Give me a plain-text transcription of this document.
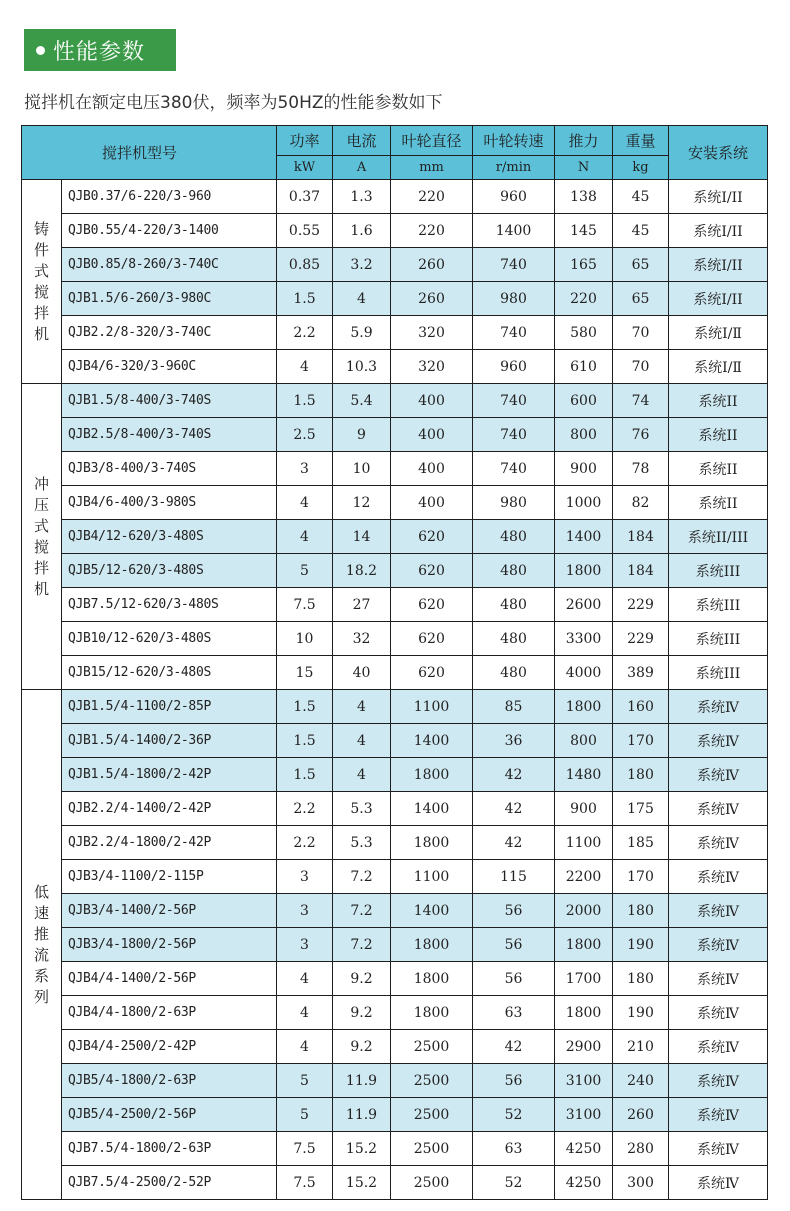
性能参数
搅拌机在额定电压380伏，频率为50HZ的性能参数如下
搅拌机型号		功率	电流	叶轮直径	叶轮转速	推力	重量	安装系统
		kW	A	mm	r/min	N	kg	
铸件式搅拌机	QJB0.37/6-220/3-960	0.37	1.3	220	960	138	45	系统Ⅰ/II
	QJB0.55/4-220/3-1400	0.55	1.6	220	1400	145	45	系统Ⅰ/II
	QJB0.85/8-260/3-740C	0.85	3.2	260	740	165	65	系统Ⅰ/II
	QJB1.5/6-260/3-980C	1.5	4	260	980	220	65	系统Ⅰ/II
	QJB2.2/8-320/3-740C	2.2	5.9	320	740	580	70	系统Ⅰ/Ⅱ
	QJB4/6-320/3-960C	4	10.3	320	960	610	70	系统Ⅰ/Ⅱ
冲压式搅拌机	QJB1.5/8-400/3-740S	1.5	5.4	400	740	600	74	系统II
	QJB2.5/8-400/3-740S	2.5	9	400	740	800	76	系统II
	QJB3/8-400/3-740S	3	10	400	740	900	78	系统II
	QJB4/6-400/3-980S	4	12	400	980	1000	82	系统II
	QJB4/12-620/3-480S	4	14	620	480	1400	184	系统II/III
	QJB5/12-620/3-480S	5	18.2	620	480	1800	184	系统III
	QJB7.5/12-620/3-480S	7.5	27	620	480	2600	229	系统III
	QJB10/12-620/3-480S	10	32	620	480	3300	229	系统III
	QJB15/12-620/3-480S	15	40	620	480	4000	389	系统III
低速推流系列	QJB1.5/4-1100/2-85P	1.5	4	1100	85	1800	160	系统Ⅳ
	QJB1.5/4-1400/2-36P	1.5	4	1400	36	800	170	系统Ⅳ
	QJB1.5/4-1800/2-42P	1.5	4	1800	42	1480	180	系统Ⅳ
	QJB2.2/4-1400/2-42P	2.2	5.3	1400	42	900	175	系统Ⅳ
	QJB2.2/4-1800/2-42P	2.2	5.3	1800	42	1100	185	系统Ⅳ
	QJB3/4-1100/2-115P	3	7.2	1100	115	2200	170	系统Ⅳ
	QJB3/4-1400/2-56P	3	7.2	1400	56	2000	180	系统Ⅳ
	QJB3/4-1800/2-56P	3	7.2	1800	56	1800	190	系统Ⅳ
	QJB4/4-1400/2-56P	4	9.2	1800	56	1700	180	系统Ⅳ
	QJB4/4-1800/2-63P	4	9.2	1800	63	1800	190	系统Ⅳ
	QJB4/4-2500/2-42P	4	9.2	2500	42	2900	210	系统Ⅳ
	QJB5/4-1800/2-63P	5	11.9	2500	56	3100	240	系统Ⅳ
	QJB5/4-2500/2-56P	5	11.9	2500	52	3100	260	系统Ⅳ
	QJB7.5/4-1800/2-63P	7.5	15.2	2500	63	4250	280	系统Ⅳ
	QJB7.5/4-2500/2-52P	7.5	15.2	2500	52	4250	300	系统Ⅳ
